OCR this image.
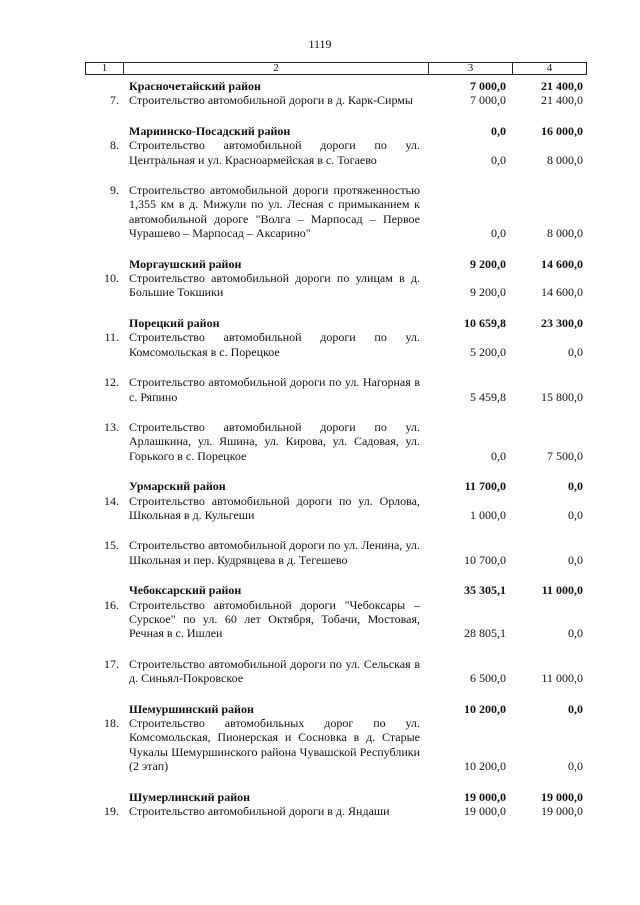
1119
1	2	3	4
Красночетайский район	7 000,0	21 400,0
7. Строительство автомобильной дороги в д. Карк-Сирмы	7 000,0	21 400,0
Мариинско-Посадский район	0,0	16 000,0
8. Строительство автомобильной дороги по ул. Центральная и ул. Красноармейская в с. Тогаево	0,0	8 000,0
9. Строительство автомобильной дороги протяженностью 1,355 км в д. Мижули по ул. Лесная с примыканием к автомобильной дороге "Волга – Марпосад – Первое Чурашево – Марпосад – Аксарино"	0,0	8 000,0
Моргаушский район	9 200,0	14 600,0
10. Строительство автомобильной дороги по улицам в д. Большие Токшики	9 200,0	14 600,0
Порецкий район	10 659,8	23 300,0
11. Строительство автомобильной дороги по ул. Комсомольская в с. Порецкое	5 200,0	0,0
12. Строительство автомобильной дороги по ул. Нагорная в с. Ряпино	5 459,8	15 800,0
13. Строительство автомобильной дороги по ул. Арлашкина, ул. Яшина, ул. Кирова, ул. Садовая, ул. Горького в с. Порецкое	0,0	7 500,0
Урмарский район	11 700,0	0,0
14. Строительство автомобильной дороги по ул. Орлова, Школьная в д. Кульгеши	1 000,0	0,0
15. Строительство автомобильной дороги по ул. Ленина, ул. Школьная и пер. Кудрявцева в д. Тегешево	10 700,0	0,0
Чебоксарский район	35 305,1	11 000,0
16. Строительство автомобильной дороги "Чебоксары – Сурское" по ул. 60 лет Октября, Тобачи, Мостовая, Речная в с. Ишлеи	28 805,1	0,0
17. Строительство автомобильной дороги по ул. Сельская в д. Синьял-Покровское	6 500,0	11 000,0
Шемуршинский район	10 200,0	0,0
18. Строительство автомобильных дорог по ул. Комсомольская, Пионерская и Сосновка в д. Старые Чукалы Шемуршинского района Чувашской Республики (2 этап)	10 200,0	0,0
Шумерлинский район	19 000,0	19 000,0
19. Строительство автомобильной дороги в д. Яндаши	19 000,0	19 000,0
